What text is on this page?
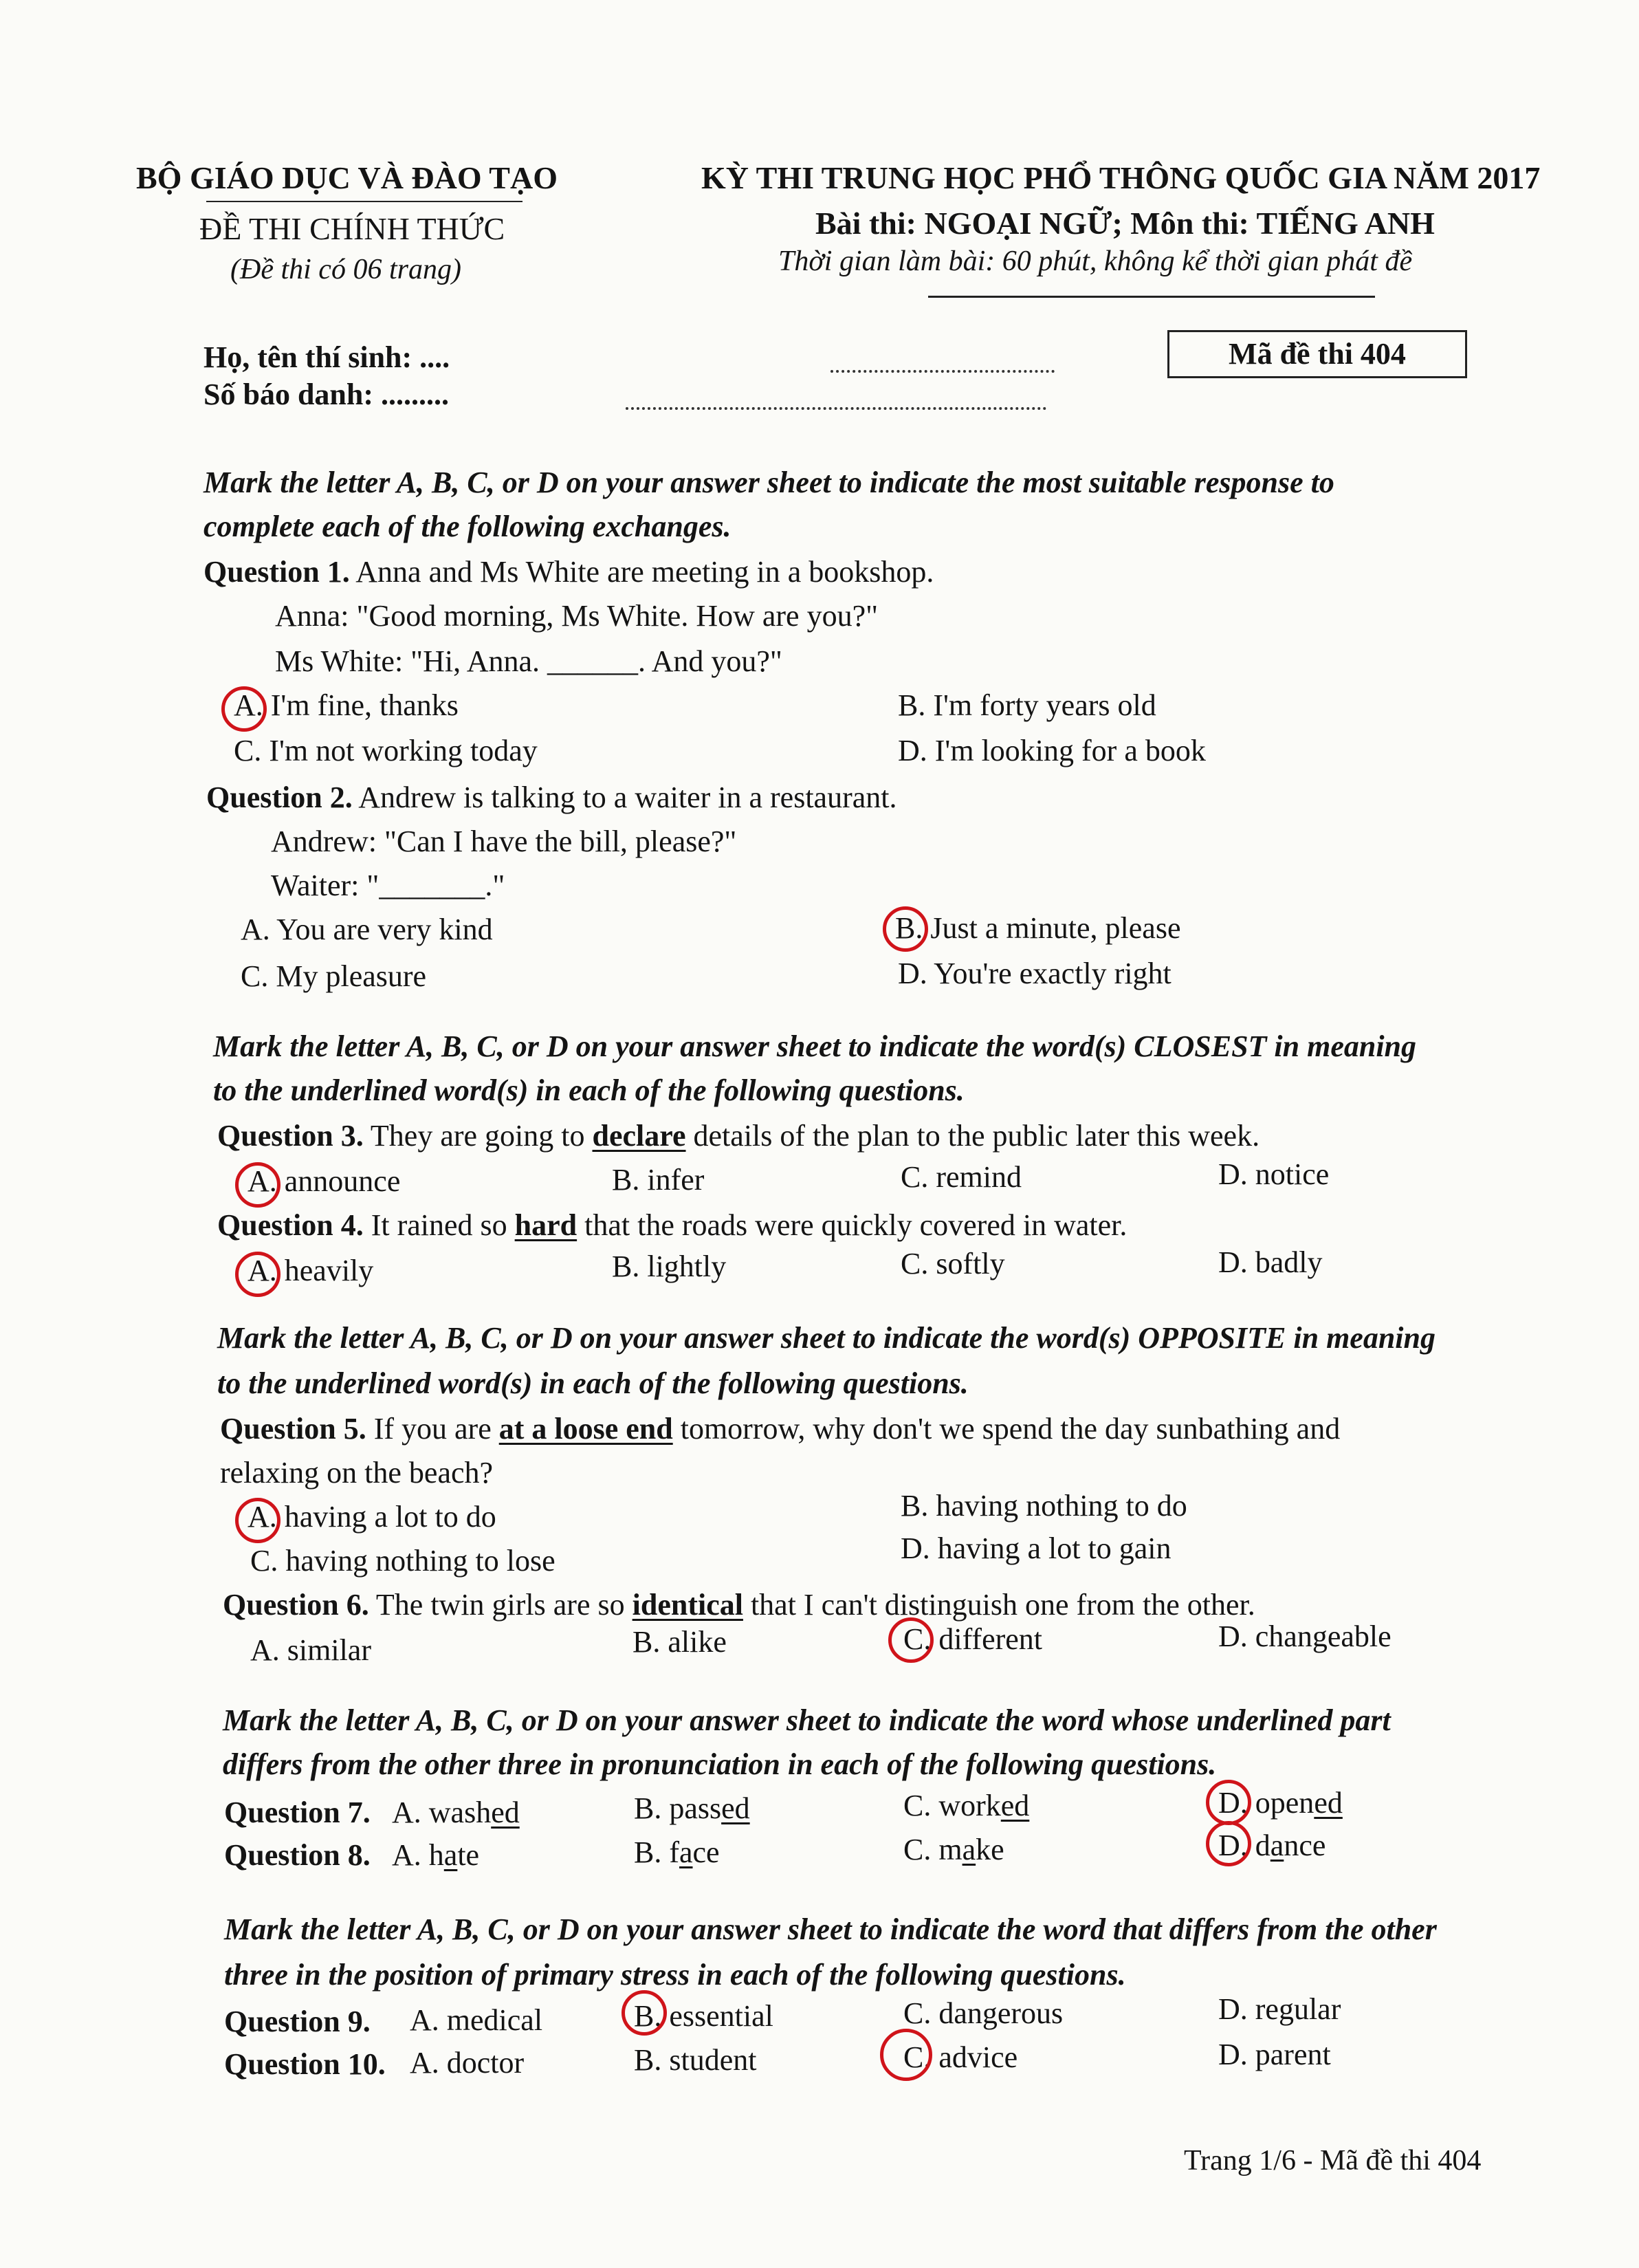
BỘ GIÁO DỤC VÀ ĐÀO TẠO
ĐỀ THI CHÍNH THỨC
(Đề thi có 06 trang)
KỲ THI TRUNG HỌC PHỔ THÔNG QUỐC GIA NĂM 2017
Bài thi: NGOẠI NGỮ; Môn thi: TIẾNG ANH
Thời gian làm bài: 60 phút, không kể thời gian phát đề
Họ, tên thí sinh: ....
Số báo danh: .........
Mã đề thi 404
Mark the letter A, B, C, or D on your answer sheet to indicate the most suitable response to
complete each of the following exchanges.
Question 1. Anna and Ms White are meeting in a bookshop.
Anna: "Good morning, Ms White. How are you?"
Ms White: "Hi, Anna. ______. And you?"
A. I'm fine, thanks	B. I'm forty years old
C. I'm not working today	D. I'm looking for a book
Question 2. Andrew is talking to a waiter in a restaurant.
Andrew: "Can I have the bill, please?"
Waiter: "_______."
A. You are very kind	B. Just a minute, please
C. My pleasure	D. You're exactly right
Mark the letter A, B, C, or D on your answer sheet to indicate the word(s) CLOSEST in meaning
to the underlined word(s) in each of the following questions.
Question 3. They are going to declare details of the plan to the public later this week.
A. announce	B. infer	C. remind	D. notice
Question 4. It rained so hard that the roads were quickly covered in water.
A. heavily	B. lightly	C. softly	D. badly
Mark the letter A, B, C, or D on your answer sheet to indicate the word(s) OPPOSITE in meaning
to the underlined word(s) in each of the following questions.
Question 5. If you are at a loose end tomorrow, why don't we spend the day sunbathing and
relaxing on the beach?
A. having a lot to do	B. having nothing to do
C. having nothing to lose	D. having a lot to gain
Question 6. The twin girls are so identical that I can't distinguish one from the other.
A. similar	B. alike	C. different	D. changeable
Mark the letter A, B, C, or D on your answer sheet to indicate the word whose underlined part
differs from the other three in pronunciation in each of the following questions.
Question 7. A. washed	B. passed	C. worked	D. opened
Question 8. A. hate	B. face	C. make	D. dance
Mark the letter A, B, C, or D on your answer sheet to indicate the word that differs from the other
three in the position of primary stress in each of the following questions.
Question 9. A. medical	B. essential	C. dangerous	D. regular
Question 10. A. doctor	B. student	C. advice	D. parent
Trang 1/6 - Mã đề thi 404
